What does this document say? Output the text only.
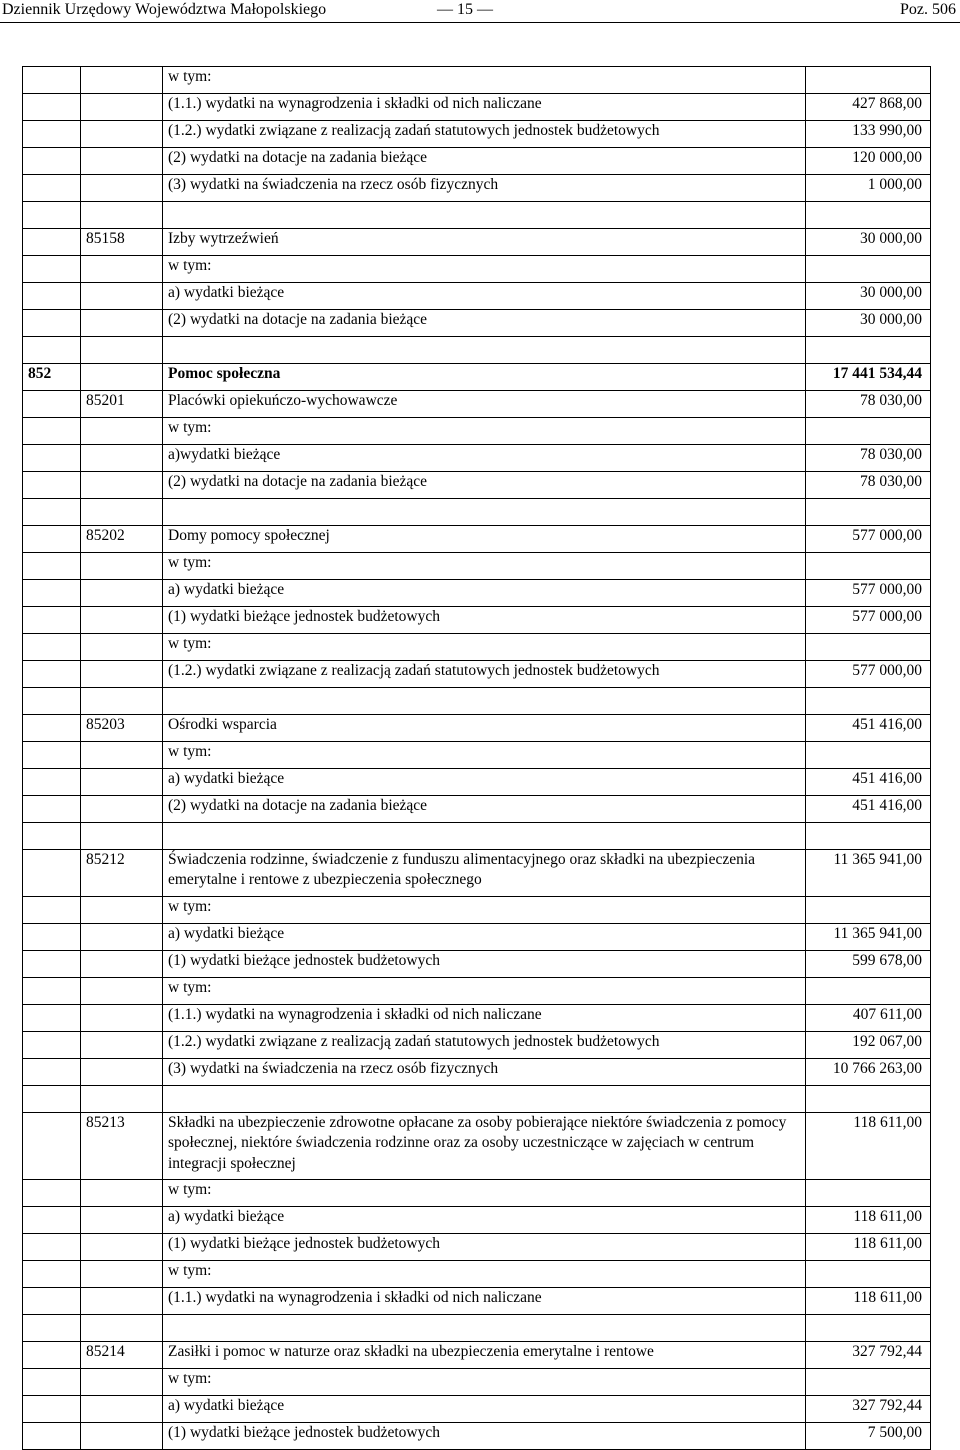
Dziennik Urzędowy Województwa Małopolskiego	— 15 —	Poz. 506
		w tym:	
		(1.1.) wydatki na wynagrodzenia i składki od nich naliczane	427 868,00
		(1.2.) wydatki związane z realizacją zadań statutowych jednostek budżetowych	133 990,00
		(2) wydatki na dotacje na zadania bieżące	120 000,00
		(3) wydatki na świadczenia na rzecz osób fizycznych	1 000,00

	85158	Izby wytrzeźwień	30 000,00
		w tym:	
		a) wydatki bieżące	30 000,00
		(2) wydatki na dotacje na zadania bieżące	30 000,00

852		Pomoc społeczna	17 441 534,44
	85201	Placówki opiekuńczo-wychowawcze	78 030,00
		w tym:	
		a)wydatki bieżące	78 030,00
		(2) wydatki na dotacje na zadania bieżące	78 030,00

	85202	Domy pomocy społecznej	577 000,00
		w tym:	
		a) wydatki bieżące	577 000,00
		(1) wydatki bieżące jednostek budżetowych	577 000,00
		w tym:	
		(1.2.) wydatki związane z realizacją zadań statutowych jednostek budżetowych	577 000,00

	85203	Ośrodki wsparcia	451 416,00
		w tym:	
		a) wydatki bieżące	451 416,00
		(2) wydatki na dotacje na zadania bieżące	451 416,00

	85212	Świadczenia rodzinne, świadczenie z funduszu alimentacyjnego oraz składki na ubezpieczenia emerytalne i rentowe z ubezpieczenia społecznego	11 365 941,00
		w tym:	
		a) wydatki bieżące	11 365 941,00
		(1) wydatki bieżące jednostek budżetowych	599 678,00
		w tym:	
		(1.1.) wydatki na wynagrodzenia i składki od nich naliczane	407 611,00
		(1.2.) wydatki związane z realizacją zadań statutowych jednostek budżetowych	192 067,00
		(3) wydatki na świadczenia na rzecz osób fizycznych	10 766 263,00

	85213	Składki na ubezpieczenie zdrowotne opłacane za osoby pobierające niektóre świadczenia z pomocy społecznej, niektóre świadczenia rodzinne oraz za osoby uczestniczące w zajęciach w centrum integracji społecznej	118 611,00
		w tym:	
		a) wydatki bieżące	118 611,00
		(1) wydatki bieżące jednostek budżetowych	118 611,00
		w tym:	
		(1.1.) wydatki na wynagrodzenia i składki od nich naliczane	118 611,00

	85214	Zasiłki i pomoc w naturze oraz składki na ubezpieczenia emerytalne i rentowe	327 792,44
		w tym:	
		a) wydatki bieżące	327 792,44
		(1) wydatki bieżące jednostek budżetowych	7 500,00
